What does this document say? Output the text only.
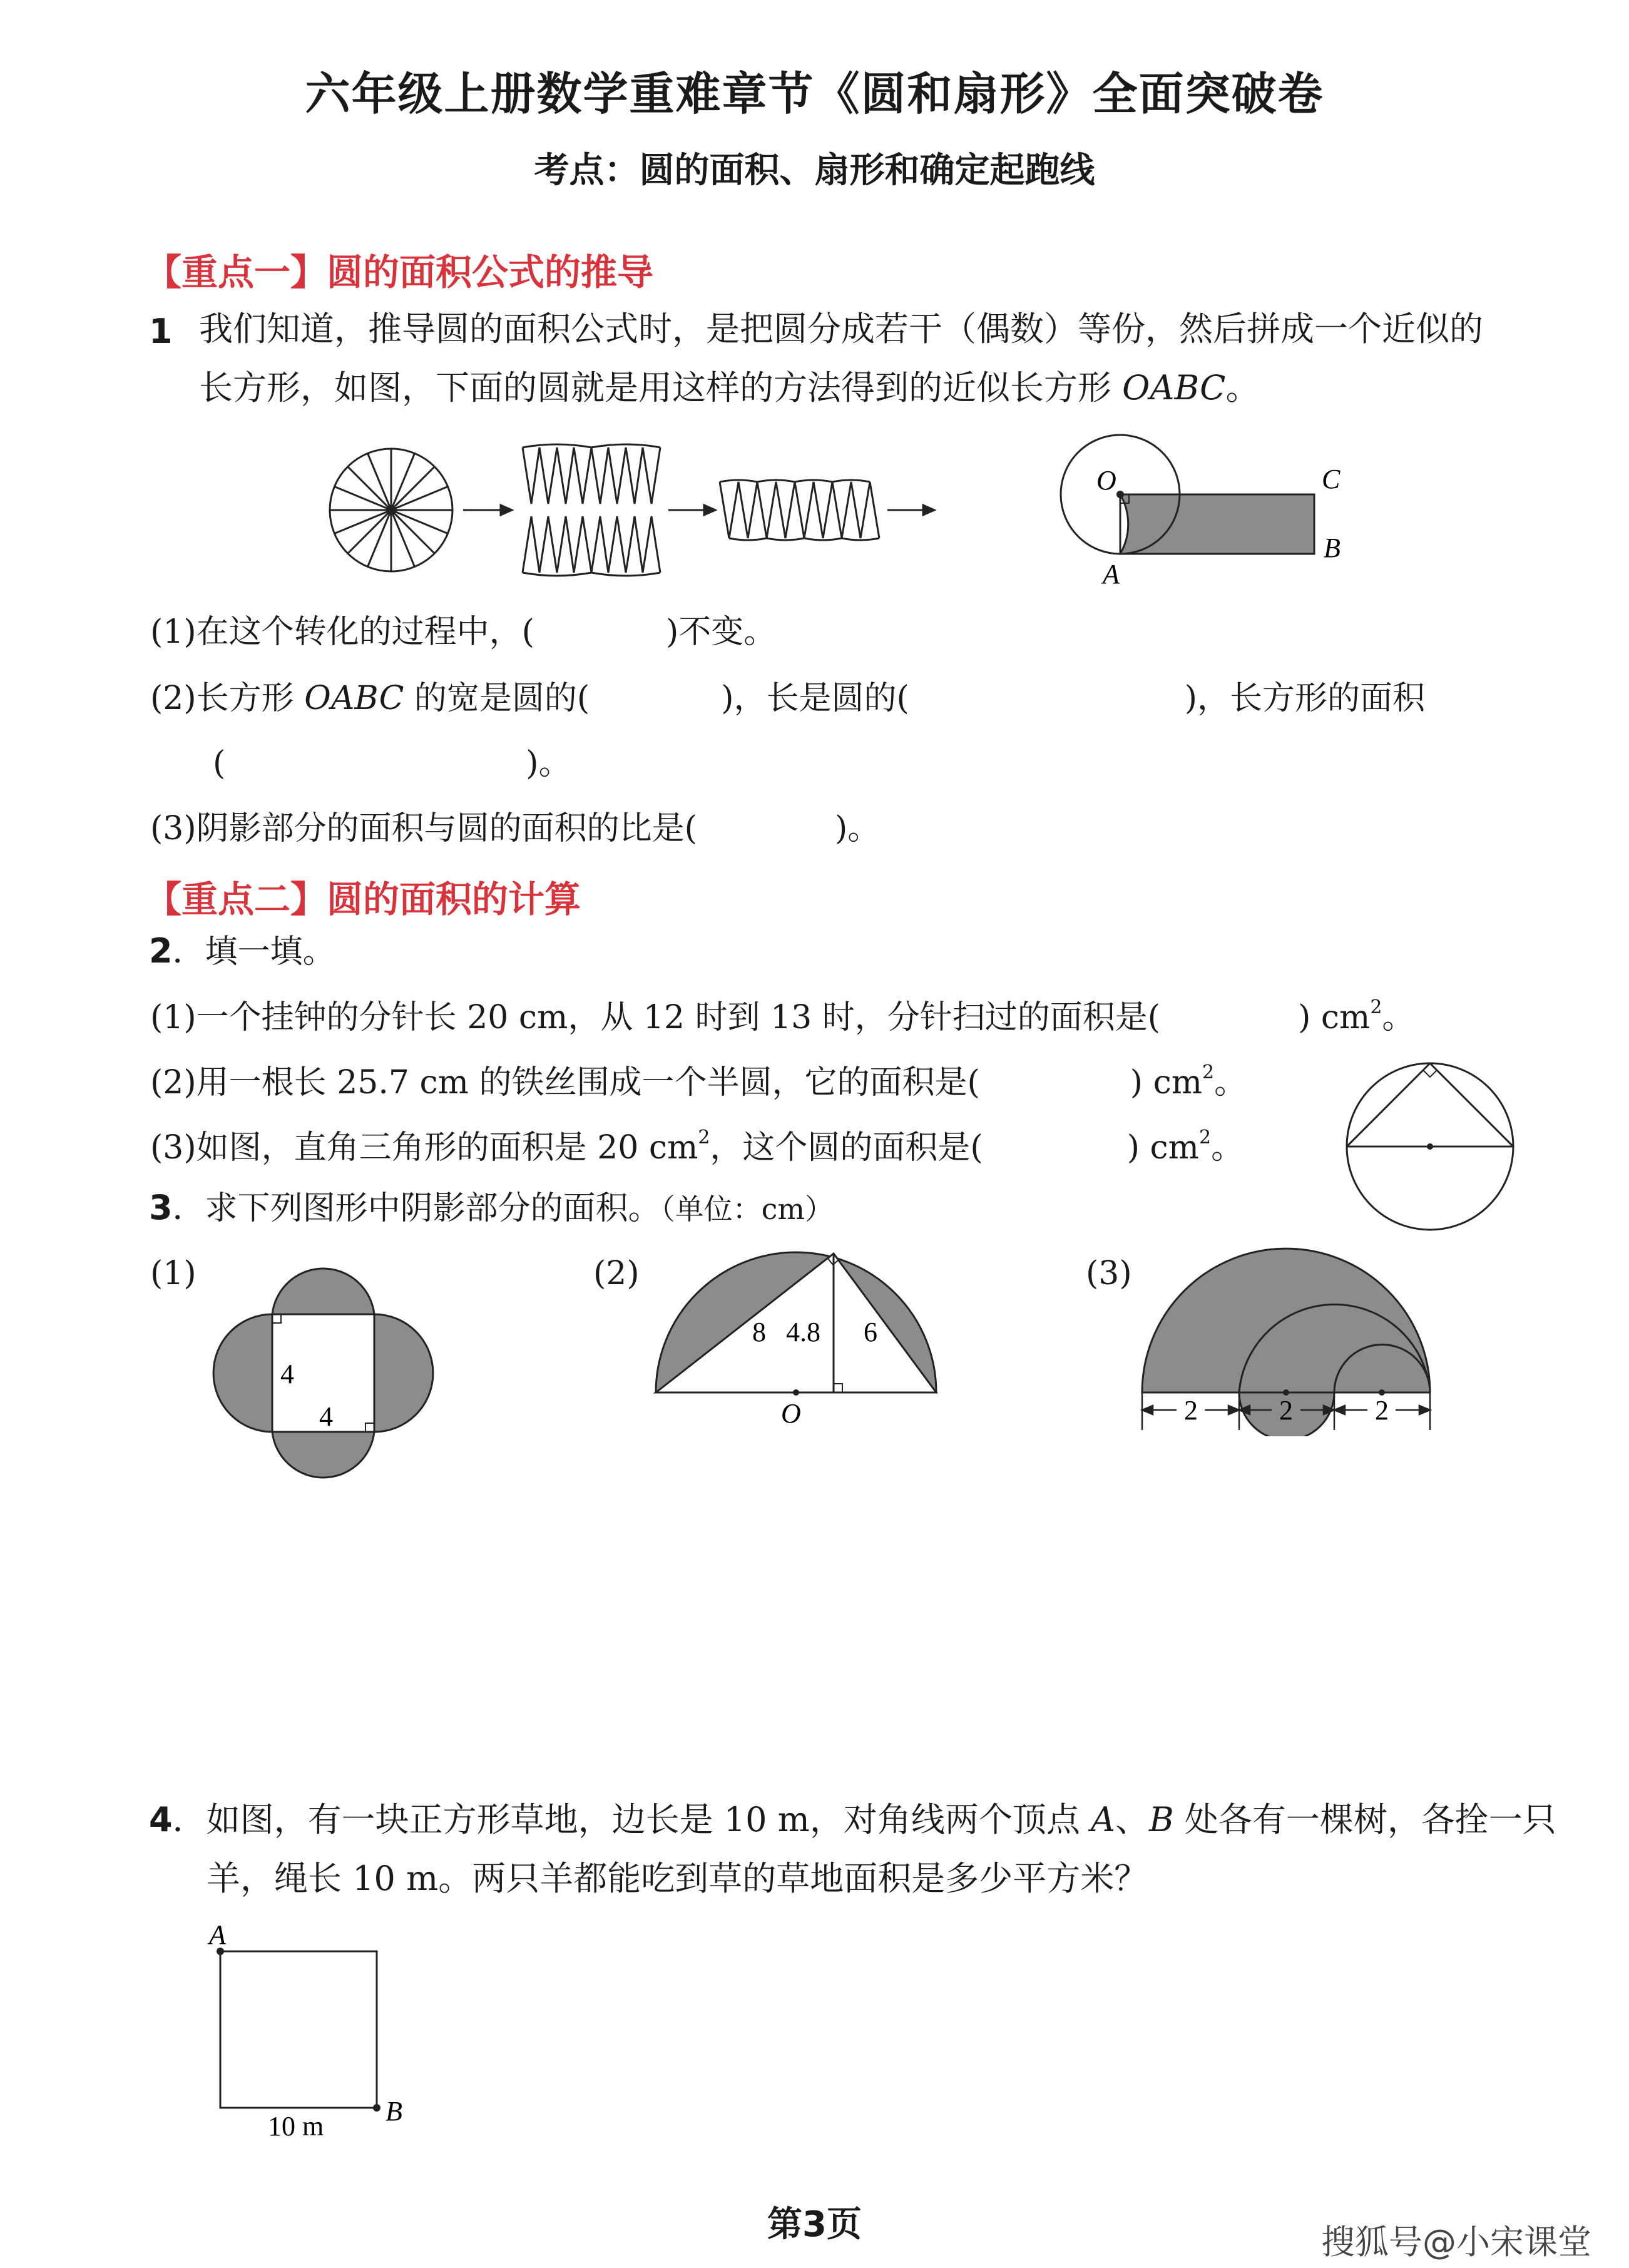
六年级上册数学重难章节《圆和扇形》全面突破卷
考点：圆的面积、扇形和确定起跑线
【重点一】圆的面积公式的推导
1 我们知道，推导圆的面积公式时，是把圆分成若干（偶数）等份，然后拼成一个近似的
长方形，如图，下面的圆就是用这样的方法得到的近似长方形 OABC。
O
A
B
C
(1)在这个转化的过程中，(	)不变。
(2)长方形 OABC 的宽是圆的(	)，长是圆的(	)，长方形的面积
(	)。
(3)阴影部分的面积与圆的面积的比是(	)。
【重点二】圆的面积的计算
2．填一填。
(1)一个挂钟的分针长 20 cm，从 12 时到 13 时，分针扫过的面积是(	) $cm^2$。
(2)用一根长 25.7 cm 的铁丝围成一个半圆，它的面积是(	) $cm^2$。
(3)如图，直角三角形的面积是 20 $cm^2$，这个圆的面积是(	) $cm^2$。
3．求下列图形中阴影部分的面积。（单位：cm）
(1)	(2)	(3)
4
4
8 4.8 6
O	2	2	2
4．如图，有一块正方形草地，边长是 10 m，对角线两个顶点 A、B 处各有一棵树，各拴一只
羊，绳长 10 m。两只羊都能吃到草的草地面积是多少平方米？
A
B
10 m
第3页	搜狐号@小宋课堂
